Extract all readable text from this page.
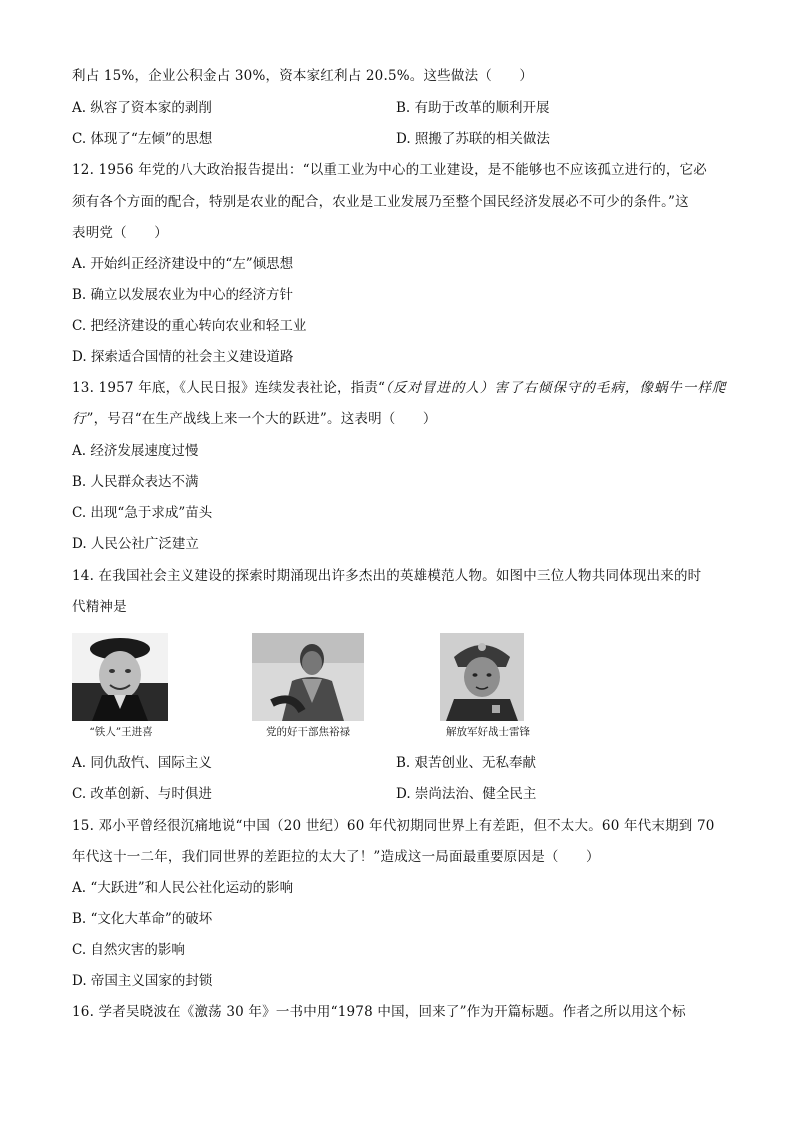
利占 15%，企业公积金占 30%，资本家红利占 20.5%。这些做法（　　）
A. 纵容了资本家的剥削	B. 有助于改革的顺利开展
C. 体现了“左倾”的思想	D. 照搬了苏联的相关做法
12. 1956 年党的八大政治报告提出：“以重工业为中心的工业建设，是不能够也不应该孤立进行的，它必
须有各个方面的配合，特别是农业的配合，农业是工业发展乃至整个国民经济发展必不可少的条件。”这
表明党（　　）
A. 开始纠正经济建设中的“左”倾思想
B. 确立以发展农业为中心的经济方针
C. 把经济建设的重心转向农业和轻工业
D. 探索适合国情的社会主义建设道路
13. 1957 年底，《人民日报》连续发表社论，指责“（反对冒进的人）害了右倾保守的毛病，像蜗牛一样爬
行”，号召“在生产战线上来一个大的跃进”。这表明（　　）
A. 经济发展速度过慢
B. 人民群众表达不满
C. 出现“急于求成”苗头
D. 人民公社广泛建立
14. 在我国社会主义建设的探索时期涌现出许多杰出的英雄模范人物。如图中三位人物共同体现出来的时
代精神是
“铁人”王进喜	党的好干部焦裕禄	解放军好战士雷锋
A. 同仇敌忾、国际主义	B. 艰苦创业、无私奉献
C. 改革创新、与时俱进	D. 崇尚法治、健全民主
15. 邓小平曾经很沉痛地说“中国（20 世纪）60 年代初期同世界上有差距，但不太大。60 年代末期到 70
年代这十一二年，我们同世界的差距拉的太大了！”造成这一局面最重要原因是（　　）
A. “大跃进”和人民公社化运动的影响
B. “文化大革命”的破坏
C. 自然灾害的影响
D. 帝国主义国家的封锁
16. 学者吴晓波在《激荡 30 年》一书中用“1978 中国，回来了”作为开篇标题。作者之所以用这个标
